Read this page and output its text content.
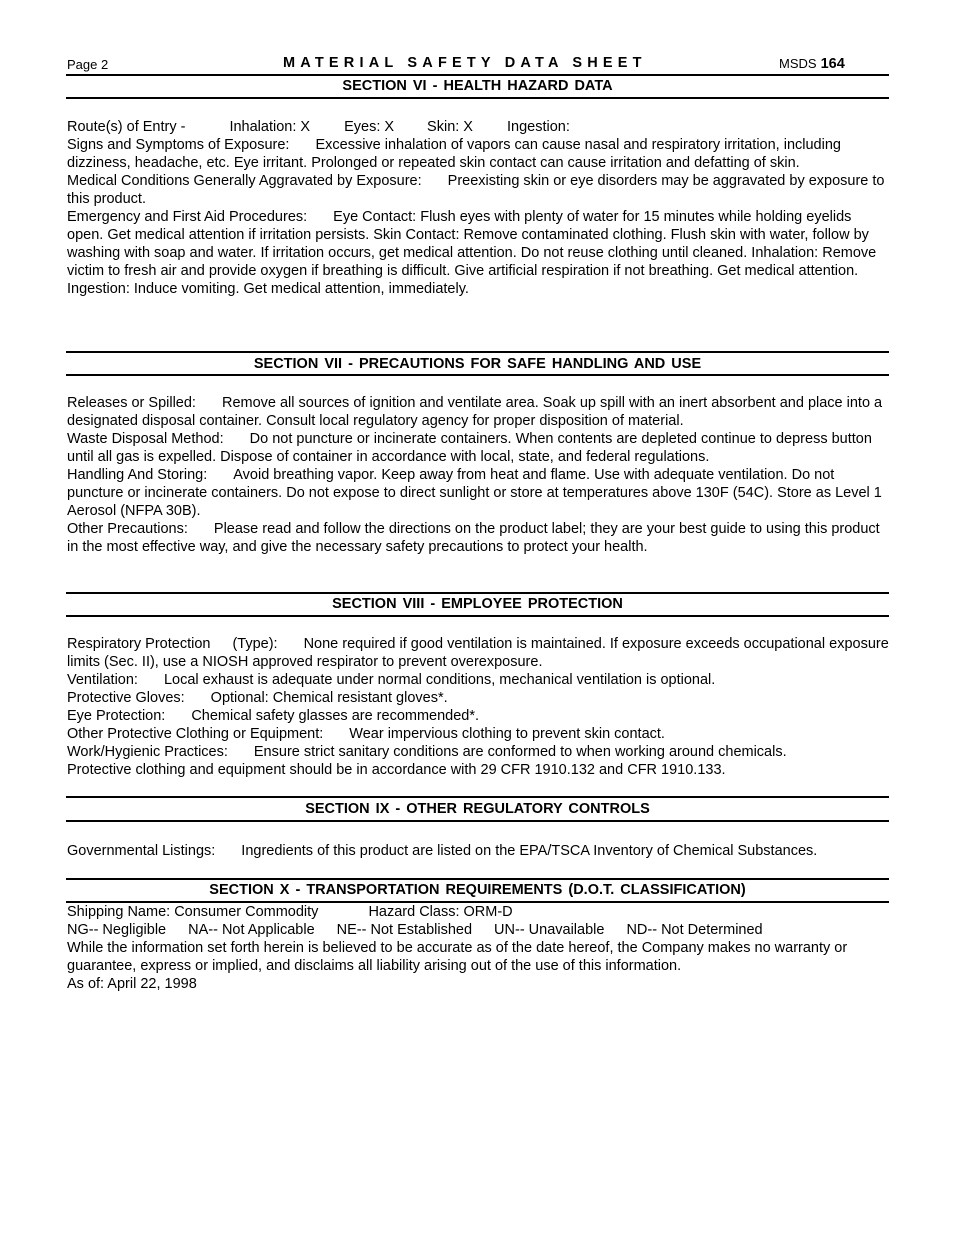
Page 2	MATERIAL SAFETY DATA SHEET	MSDS 164
SECTION VI - HEALTH HAZARD DATA

Route(s) of Entry -	Inhalation: X Eyes: X Skin: X Ingestion:

Signs and Symptoms of Exposure: Excessive inhalation of vapors can cause nasal and respiratory irritation, including dizziness, headache, etc. Eye irritant. Prolonged or repeated skin contact can cause irritation and defatting of skin.

Medical Conditions Generally Aggravated by Exposure: Preexisting skin or eye disorders may be aggravated by exposure to this product.

Emergency and First Aid Procedures: Eye Contact: Flush eyes with plenty of water for 15 minutes while holding eyelids open. Get medical attention if irritation persists. Skin Contact: Remove contaminated clothing. Flush skin with water, follow by washing with soap and water. If irritation occurs, get medical attention. Do not reuse clothing until cleaned. Inhalation: Remove victim to fresh air and provide oxygen if breathing is difficult. Give artificial respiration if not breathing. Get medical attention. Ingestion: Induce vomiting. Get medical attention, immediately.

SECTION VII - PRECAUTIONS FOR SAFE HANDLING AND USE

Releases or Spilled: Remove all sources of ignition and ventilate area. Soak up spill with an inert absorbent and place into a designated disposal container. Consult local regulatory agency for proper disposition of material.

Waste Disposal Method: Do not puncture or incinerate containers. When contents are depleted continue to depress button until all gas is expelled. Dispose of container in accordance with local, state, and federal regulations.

Handling And Storing: Avoid breathing vapor. Keep away from heat and flame. Use with adequate ventilation. Do not puncture or incinerate containers. Do not expose to direct sunlight or store at temperatures above 130F (54C). Store as Level 1 Aerosol (NFPA 30B).

Other Precautions: Please read and follow the directions on the product label; they are your best guide to using this product in the most effective way, and give the necessary safety precautions to protect your health.

SECTION VIII - EMPLOYEE PROTECTION

Respiratory Protection (Type): None required if good ventilation is maintained. If exposure exceeds occupational exposure limits (Sec. II), use a NIOSH approved respirator to prevent overexposure.

Ventilation: Local exhaust is adequate under normal conditions, mechanical ventilation is optional.

Protective Gloves: Optional: Chemical resistant gloves*.

Eye Protection: Chemical safety glasses are recommended*.

Other Protective Clothing or Equipment: Wear impervious clothing to prevent skin contact.

Work/Hygienic Practices: Ensure strict sanitary conditions are conformed to when working around chemicals.

Protective clothing and equipment should be in accordance with 29 CFR 1910.132 and CFR 1910.133.

SECTION IX - OTHER REGULATORY CONTROLS

Governmental Listings: Ingredients of this product are listed on the EPA/TSCA Inventory of Chemical Substances.

SECTION X - TRANSPORTATION REQUIREMENTS (D.O.T. CLASSIFICATION)

Shipping Name: Consumer Commodity	Hazard Class: ORM-D

NG-- Negligible NA-- Not Applicable NE-- Not Established UN-- Unavailable ND-- Not Determined

While the information set forth herein is believed to be accurate as of the date hereof, the Company makes no warranty or guarantee, express or implied, and disclaims all liability arising out of the use of this information.

As of: April 22, 1998
